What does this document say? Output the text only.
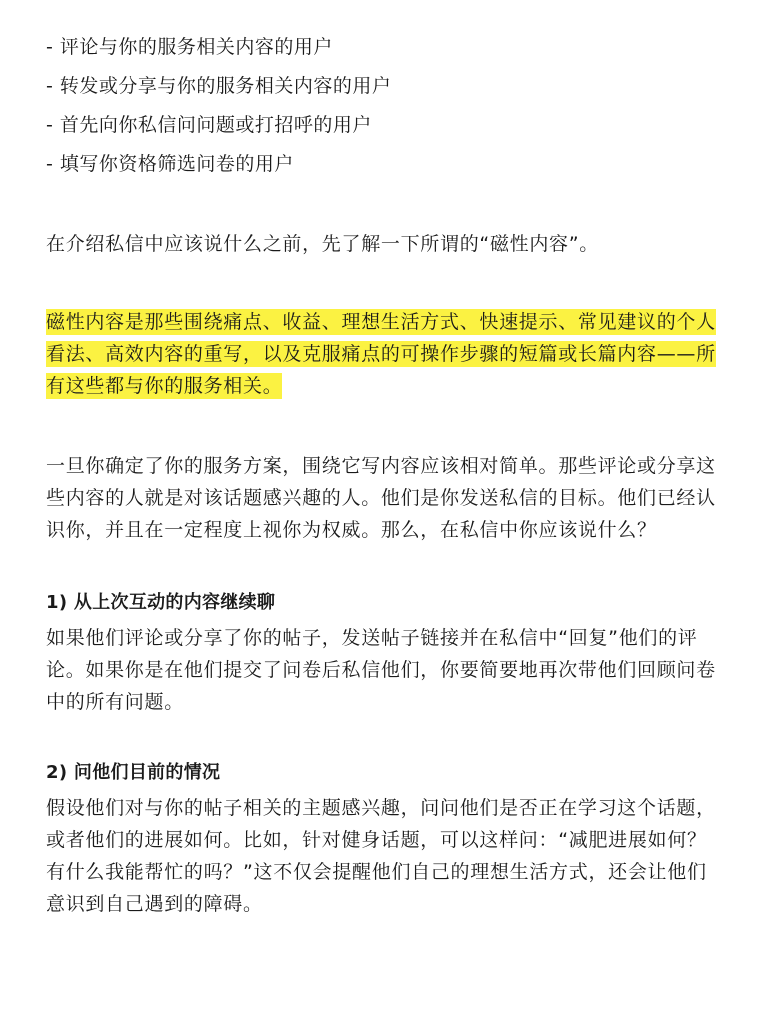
- 评论与你的服务相关内容的用户
- 转发或分享与你的服务相关内容的用户
- 首先向你私信问问题或打招呼的用户
- 填写你资格筛选问卷的用户

在介绍私信中应该说什么之前，先了解一下所谓的“磁性内容”。

磁性内容是那些围绕痛点、收益、理想生活方式、快速提示、常见建议的个人看法、高效内容的重写，以及克服痛点的可操作步骤的短篇或长篇内容——所有这些都与你的服务相关。

一旦你确定了你的服务方案，围绕它写内容应该相对简单。那些评论或分享这些内容的人就是对该话题感兴趣的人。他们是你发送私信的目标。他们已经认识你，并且在一定程度上视你为权威。那么，在私信中你应该说什么？

1) 从上次互动的内容继续聊

如果他们评论或分享了你的帖子，发送帖子链接并在私信中“回复”他们的评论。如果你是在他们提交了问卷后私信他们，你要简要地再次带他们回顾问卷中的所有问题。

2) 问他们目前的情况

假设他们对与你的帖子相关的主题感兴趣，问问他们是否正在学习这个话题，或者他们的进展如何。比如，针对健身话题，可以这样问：“减肥进展如何？有什么我能帮忙的吗？”这不仅会提醒他们自己的理想生活方式，还会让他们意识到自己遇到的障碍。
